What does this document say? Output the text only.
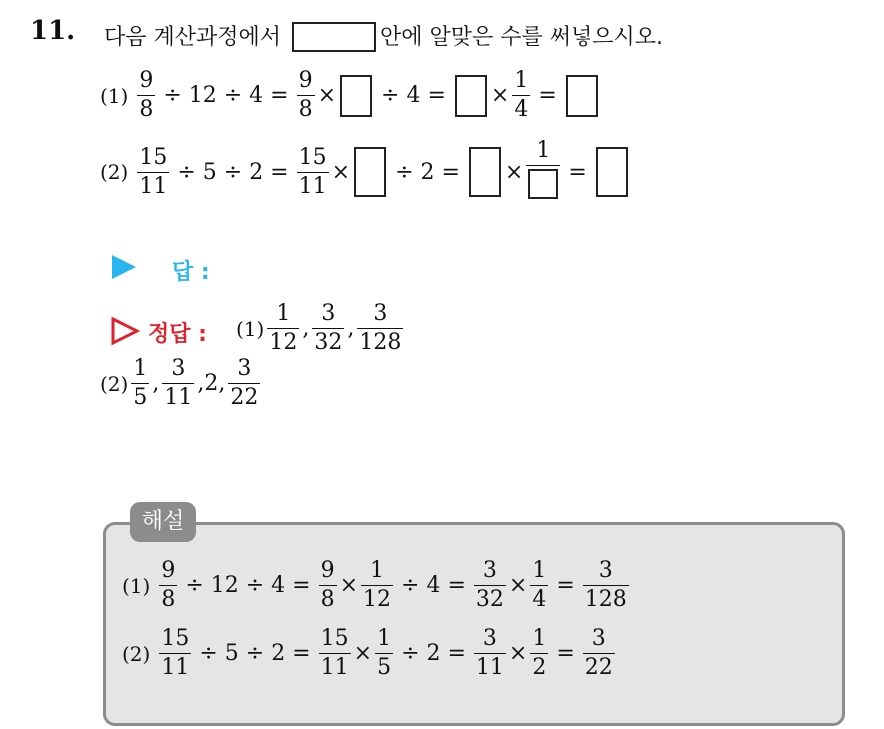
11. 다음 계산과정에서	안에 알맞은 수를 써넣으시오.
$(1) \frac{9}{8} \div 12 \div 4 = \frac{9}{8}$ × ÷ 4 = × $\frac{1}{4}$ =
$(2) \frac{15}{11} \div 5 \div 2 = \frac{15}{11}$ × ÷ 2 = ×
1
=
답 :
정답 : $(1) \frac{1}{12}$ , $\frac{3}{32}$ , $\frac{3}{128}$
$(2) \frac{1}{5}$ , $\frac{3}{11}$ , 2 , $\frac{3}{22}$
해설
$(1) \frac{9}{8} \div 12 \div 4 = \frac{9}{8} \times \frac{1}{12} \div 4 = \frac{3}{32} \times \frac{1}{4} = \frac{3}{128}$
$(2) \frac{15}{11} \div 5 \div 2 = \frac{15}{11} \times \frac{1}{5} \div 2 = \frac{3}{11} \times \frac{1}{2} = \frac{3}{22}$
